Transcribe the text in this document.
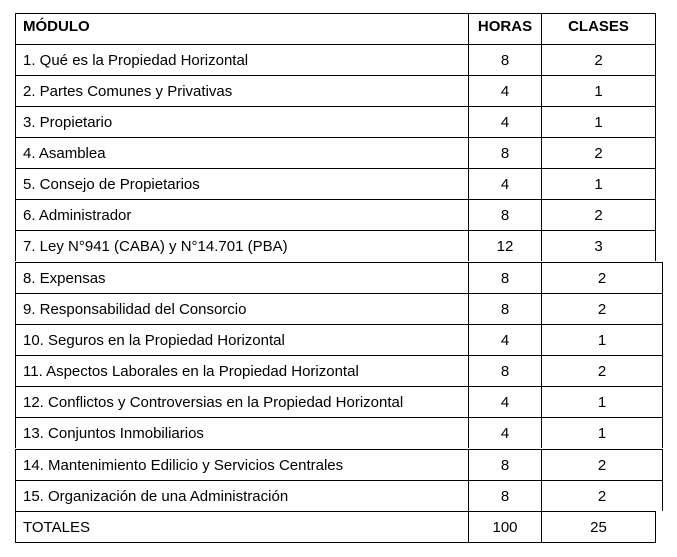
MÓDULO	HORAS	CLASES
1. Qué es la Propiedad Horizontal	8	2
2. Partes Comunes y Privativas	4	1
3. Propietario	4	1
4. Asamblea	8	2
5. Consejo de Propietarios	4	1
6. Administrador	8	2
7. Ley N°941 (CABA) y N°14.701 (PBA)	12	3
8. Expensas	8	2
9. Responsabilidad del Consorcio	8	2
10. Seguros en la Propiedad Horizontal	4	1
11. Aspectos Laborales en la Propiedad Horizontal	8	2
12. Conflictos y Controversias en la Propiedad Horizontal	4	1
13. Conjuntos Inmobiliarios	4	1
14. Mantenimiento Edilicio y Servicios Centrales	8	2
15. Organización de una Administración	8	2
TOTALES	100	25
